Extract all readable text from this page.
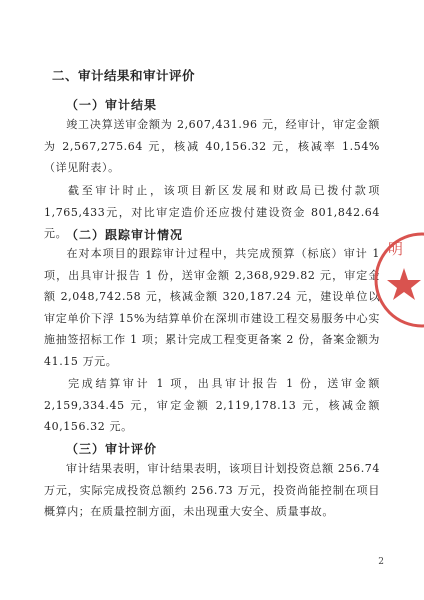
二、审计结果和审计评价
（一）审计结果
竣工决算送审金额为 2,607,431.96 元，经审计，审定金额为 2,567,275.64 元，核减 40,156.32 元，核减率 1.54%（详见附表）。
截至审计时止，该项目新区发展和财政局已拨付款项 1,765,433元，对比审定造价还应拨付建设资金 801,842.64元。
（二）跟踪审计情况
在对本项目的跟踪审计过程中，共完成预算（标底）审计 1 项，出具审计报告 1 份，送审金额 2,368,929.82 元，审定金额 2,048,742.58 元，核减金额 320,187.24 元，建设单位以审定单价下浮 15%为结算单价在深圳市建设工程交易服务中心实施抽签招标工作 1 项；累计完成工程变更备案 2 份，备案金额为 41.15 万元。
完成结算审计 1 项，出具审计报告 1 份，送审金额 2,159,334.45 元，审定金额 2,119,178.13 元，核减金额 40,156.32 元。
（三）审计评价
审计结果表明，审计结果表明，该项目计划投资总额 256.74 万元，实际完成投资总额约 256.73 万元，投资尚能控制在项目概算内；在质量控制方面，未出现重大安全、质量事故。
明
2
